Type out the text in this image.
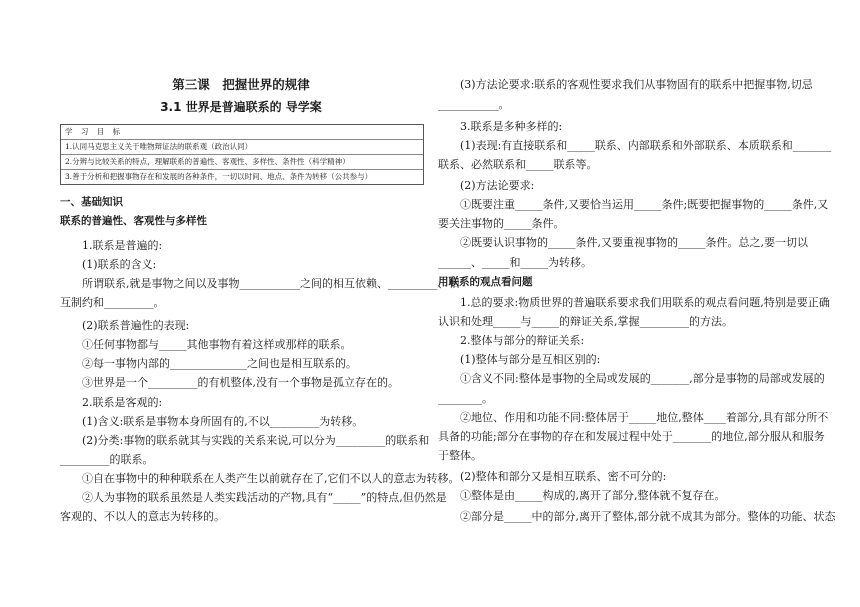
第三课　把握世界的规律
3.1 世界是普遍联系的 导学案
学 习 目 标
1.认同马克思主义关于唯物辩证法的联系观（政治认同）
2.分辨与比较关系的特点，理解联系的普遍性、客观性、多样性、条件性（科学精神）
3.善于分析和把握事物存在和发展的各种条件，一切以时间、地点、条件为转移（公共参与）
一、基础知识
联系的普遍性、客观性与多样性
1.联系是普遍的:
(1)联系的含义:
所谓联系,就是事物之间以及事物___________之间的相互依赖、_________、相
互制约和_________。
(2)联系普遍性的表现:
①任何事物都与_____其他事物有着这样或那样的联系。
②每一事物内部的______________之间也是相互联系的。
③世界是一个_________的有机整体,没有一个事物是孤立存在的。
2.联系是客观的:
(1)含义:联系是事物本身所固有的,不以_________为转移。
(2)分类:事物的联系就其与实践的关系来说,可以分为_________的联系和
_________的联系。
①自在事物中的种种联系在人类产生以前就存在了,它们不以人的意志为转移。
②人为事物的联系虽然是人类实践活动的产物,具有“_____”的特点,但仍然是
客观的、不以人的意志为转移的。
(3)方法论要求:联系的客观性要求我们从事物固有的联系中把握事物,切忌
___________。
3.联系是多种多样的:
(1)表现:有直接联系和_____联系、内部联系和外部联系、本质联系和_______
联系、必然联系和_____联系等。
(2)方法论要求:
①既要注重_____条件,又要恰当运用_____条件;既要把握事物的_____条件,又
要关注事物的_____条件。
②既要认识事物的_____条件,又要重视事物的_____条件。总之,要一切以
______、_____和_____为转移。
用联系的观点看问题
1.总的要求:物质世界的普遍联系要求我们用联系的观点看问题,特别是要正确
认识和处理_____与_____的辩证关系,掌握_________的方法。
2.整体与部分的辩证关系:
(1)整体与部分是互相区别的:
①含义不同:整体是事物的全局或发展的_______,部分是事物的局部或发展的
________。
②地位、作用和功能不同:整体居于_____地位,整体____着部分,具有部分所不
具备的功能;部分在事物的存在和发展过程中处于_______的地位,部分服从和服务
于整体。
(2)整体和部分又是相互联系、密不可分的:
①整体是由_____构成的,离开了部分,整体就不复存在。
②部分是_____中的部分,离开了整体,部分就不成其为部分。整体的功能、状态
